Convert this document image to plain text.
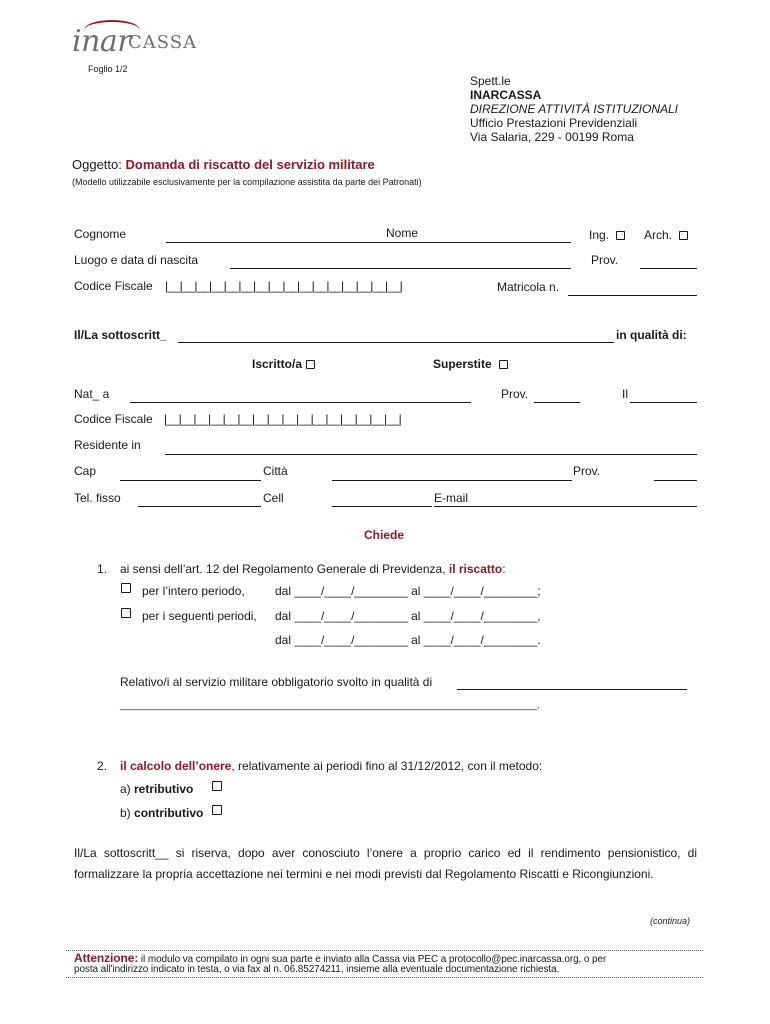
inar
CASSA
Foglio 1/2
Spett.le
INARCASSA
DIREZIONE ATTIVITÀ ISTITUZIONALI
Ufficio Prestazioni Previdenziali
Via Salaria, 229 - 00199 Roma
Oggetto: Domanda di riscatto del servizio militare
(Modello utilizzabile esclusivamente per la compilazione assistita da parte dei Patronati)
Cognome	Nome	Ing.	Arch.
Luogo e data di nascita	Prov.
Codice Fiscale |__|__|__|__|__|__|__|__|__|__|__|__|__|__|__|__|	Matricola n.
Il/La sottoscritt_	in qualità di:
Iscritto/a	Superstite
Nat_ a	Prov.	Il
Codice Fiscale |__|__|__|__|__|__|__|__|__|__|__|__|__|__|__|__|
Residente in
Cap	Città	Prov.
Tel. fisso	Cell	E-mail
Chiede
1. ai sensi dell’art. 12 del Regolamento Generale di Previdenza, il riscatto:
per l’intero periodo,	dal ____/____/________ al ____/____/________;
per i seguenti periodi, dal ____/____/________ al ____/____/________,
dal ____/____/________ al ____/____/________.
Relativo/i al servizio militare obbligatorio svolto in qualità di
________________________________________________________________________________.
2. il calcolo dell’onere, relativamente ai periodi fino al 31/12/2012, con il metodo:
a) retributivo
b) contributivo
Il/La sottoscritt__ si riserva, dopo aver conosciuto l’onere a proprio carico ed il rendimento pensionistico, di formalizzare la propria accettazione nei termini e nei modi previsti dal Regolamento Riscatti e Ricongiunzioni.
(continua)
Attenzione: il modulo va compilato in ogni sua parte e inviato alla Cassa via PEC a protocollo@pec.inarcassa.org, o per
posta all’indirizzo indicato in testa, o via fax al n. 06.85274211, insieme alla eventuale documentazione richiesta.
